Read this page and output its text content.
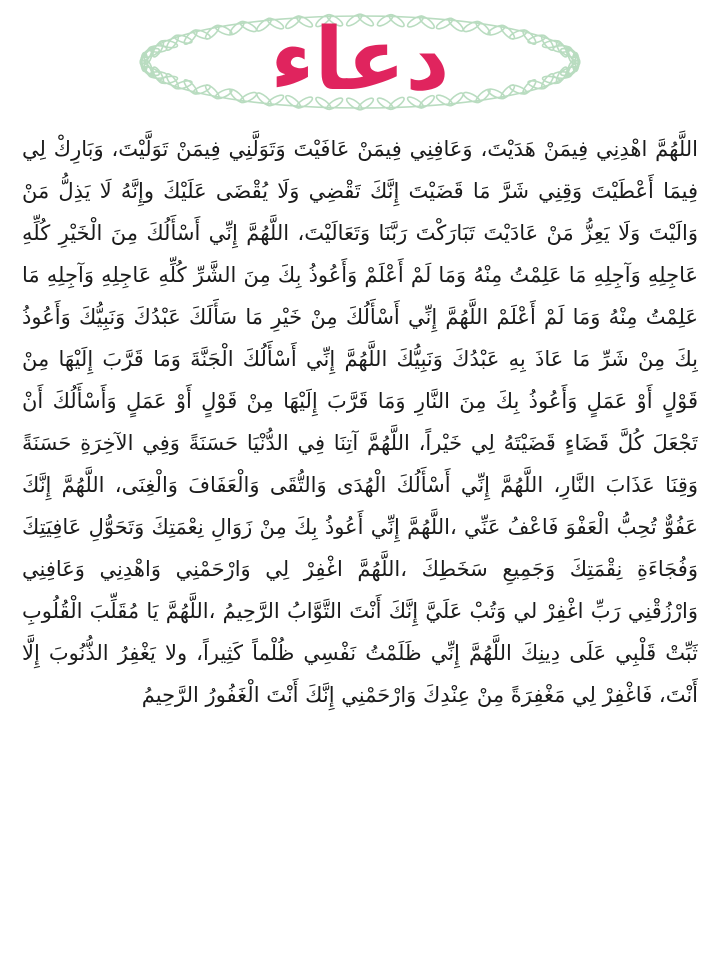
دعاء
اللَّهُمَّ اهْدِنِي فِيمَنْ هَدَيْتَ، وَعَافِنِي فِيمَنْ عَافَيْتَ وَتَوَلَّنِي فِيمَنْ تَوَلَّيْتَ، وَبَارِكْ لِي فِيمَا أَعْطَيْتَ وَقِنِي شَرَّ مَا قَضَيْتَ إِنَّكَ تَقْضِي وَلَا يُقْضَى عَلَيْكَ وإِنَّهُ لَا يَذِلُّ مَنْ وَالَيْتَ وَلَا يَعِزُّ مَنْ عَادَيْتَ تَبَارَكْتَ رَبَّنَا وَتَعَالَيْتَ، اللَّهُمَّ إِنِّي أَسْأَلُكَ مِنَ الْخَيْرِ كُلِّهِ عَاجِلِهِ وَآجِلِهِ مَا عَلِمْتُ مِنْهُ وَمَا لَمْ أَعْلَمْ وَأَعُوذُ بِكَ مِنَ الشَّرِّ كُلِّهِ عَاجِلِهِ وَآجِلِهِ مَا عَلِمْتُ مِنْهُ وَمَا لَمْ أَعْلَمْ اللَّهُمَّ إِنِّي أَسْأَلُكَ مِنْ خَيْرِ مَا سَأَلَكَ عَبْدُكَ وَنَبِيُّكَ وَأَعُوذُ بِكَ مِنْ شَرِّ مَا عَاذَ بِهِ عَبْدُكَ وَنَبِيُّكَ اللَّهُمَّ إِنِّي أَسْأَلُكَ الْجَنَّةَ وَمَا قَرَّبَ إِلَيْهَا مِنْ قَوْلٍ أَوْ عَمَلٍ وَأَعُوذُ بِكَ مِنَ النَّارِ وَمَا قَرَّبَ إِلَيْهَا مِنْ قَوْلٍ أَوْ عَمَلٍ وَأَسْأَلُكَ أَنْ تَجْعَلَ كُلَّ قَضَاءٍ قَضَيْتَهُ لِي خَيْراً، اللَّهُمَّ آتِنَا فِي الدُّنْيَا حَسَنَةً وَفِي الآخِرَةِ حَسَنَةً وَقِنَا عَذَابَ النَّارِ، اللَّهُمَّ إِنِّي أَسْأَلُكَ الْهُدَى وَالتُّقَى وَالْعَفَافَ وَالْغِنَى، اللَّهُمَّ إِنَّكَ عَفُوٌّ تُحِبُّ الْعَفْوَ فَاعْفُ عَنِّي ،اللَّهُمَّ إِنِّي أَعُوذُ بِكَ مِنْ زَوَالِ نِعْمَتِكَ وَتَحَوُّلِ عَافِيَتِكَ وَفُجَاءَةِ نِقْمَتِكَ وَجَمِيعِ سَخَطِكَ ،اللَّهُمَّ اغْفِرْ لِي وَارْحَمْنِي وَاهْدِنِي وَعَافِنِي وَارْزُقْنِي رَبِّ اغْفِرْ لي وَتُبْ عَلَيَّ إِنَّكَ أَنْتَ التَّوَّابُ الرَّحِيمُ ،اللَّهُمَّ يَا مُقَلِّبَ الْقُلُوبِ ثَبِّتْ قَلْبِي عَلَى دِينِكَ اللَّهُمَّ إِنِّي ظَلَمْتُ نَفْسِي ظُلْماً كَثِيراً، ولا يَغْفِرُ الذُّنُوبَ إِلَّا أَنْتَ، فَاغْفِرْ لِي مَغْفِرَةً مِنْ عِنْدِكَ وَارْحَمْنِي إِنَّكَ أَنْتَ الْغَفُورُ الرَّحِيمُ
